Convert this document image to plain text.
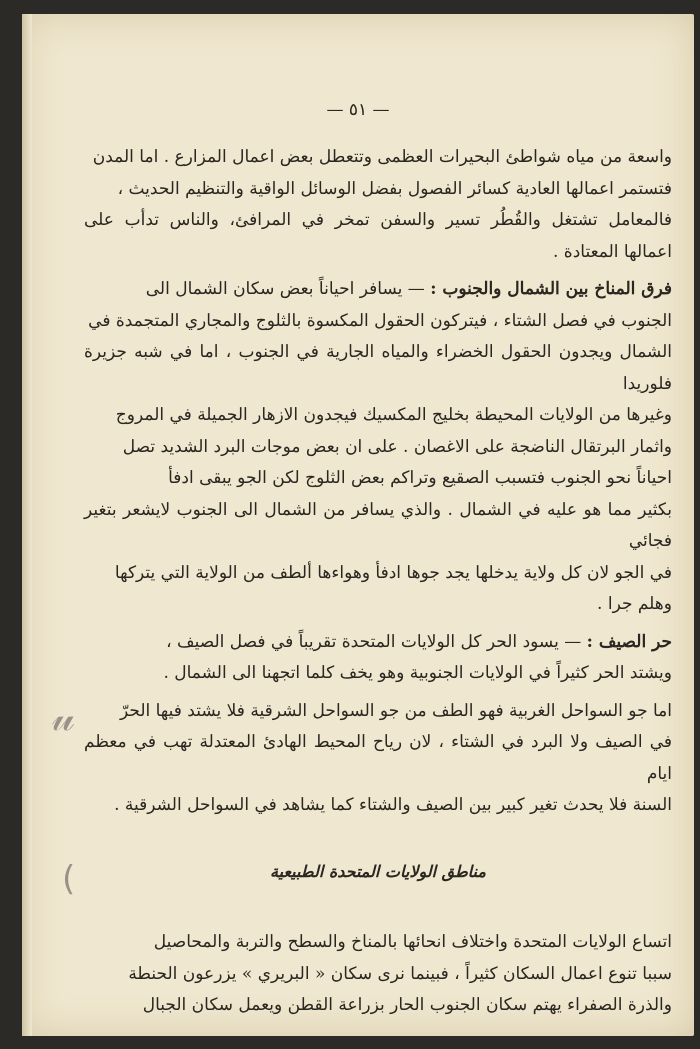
— ٥١ —
𝓊
(

واسعة من مياه شواطئ البحيرات العظمى وتتعطل بعض اعمال المزارع . اما المدن

فتستمر اعمالها العادية كسائر الفصول بفضل الوسائل الواقية والتنظيم الحديث ،

فالمعامل تشتغل والقُطُر تسير والسفن تمخر في المرافئ، والناس تدأب على اعمالها المعتادة .

فرق المناخ بين الشمال والجنوب : — يسافر احياناً بعض سكان الشمال الى

الجنوب في فصل الشتاء ، فيتركون الحقول المكسوة بالثلوج والمجاري المتجمدة في

الشمال ويجدون الحقول الخضراء والمياه الجارية في الجنوب ، اما في شبه جزيرة فلوريدا

وغيرها من الولايات المحيطة بخليج المكسيك فيجدون الازهار الجميلة في المروج

واثمار البرتقال الناضجة على الاغصان . على ان بعض موجات البرد الشديد تصل

احياناً نحو الجنوب فتسبب الصقيع وتراكم بعض الثلوج لكن الجو يبقى ادفأ

بكثير مما هو عليه في الشمال . والذي يسافر من الشمال الى الجنوب لايشعر بتغير فجائي

في الجو لان كل ولاية يدخلها يجد جوها ادفأ وهواءها ألطف من الولاية التي يتركها

وهلم جرا .

حر الصيف : — يسود الحر كل الولايات المتحدة تقريباً في فصل الصيف ،

ويشتد الحر كثيراً في الولايات الجنوبية وهو يخف كلما اتجهنا الى الشمال .

اما جو السواحل الغربية فهو الطف من جو السواحل الشرقية فلا يشتد فيها الحرّ

في الصيف ولا البرد في الشتاء ، لان رياح المحيط الهادئ المعتدلة تهب في معظم ايام

السنة فلا يحدث تغير كبير بين الصيف والشتاء كما يشاهد في السواحل الشرقية .

مناطق الولايات المتحدة الطبيعية

اتساع الولايات المتحدة واختلاف انحائها بالمناخ والسطح والتربة والمحاصيل

سببا تنوع اعمال السكان كثيراً ، فبينما نرى سكان « البريري » يزرعون الحنطة

والذرة الصفراء يهتم سكان الجنوب الحار بزراعة القطن ويعمل سكان الجبال
